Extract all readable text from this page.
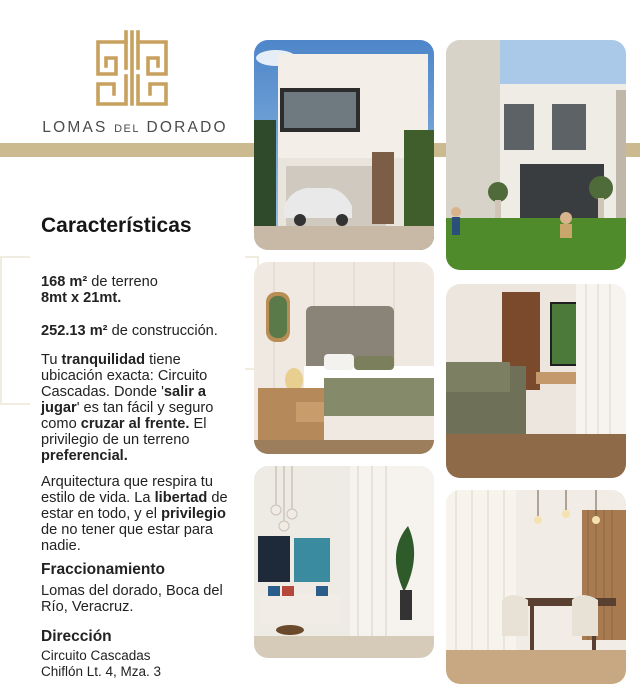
LOMAS DEL DORADO
Características

168 m² de terreno
8mt x 21mt.

252.13 m² de construcción.

Tu tranquilidad tiene ubicación exacta: Circuito Cascadas. Donde 'salir a jugar' es tan fácil y seguro como cruzar al frente. El privilegio de un terreno preferencial.

Arquitectura que respira tu estilo de vida. La libertad de estar en todo, y el privilegio de no tener que estar para nadie.

Fraccionamiento

Lomas del dorado, Boca del Río, Veracruz.

Dirección

Circuito Cascadas
Chiflón Lt. 4, Mza. 3
